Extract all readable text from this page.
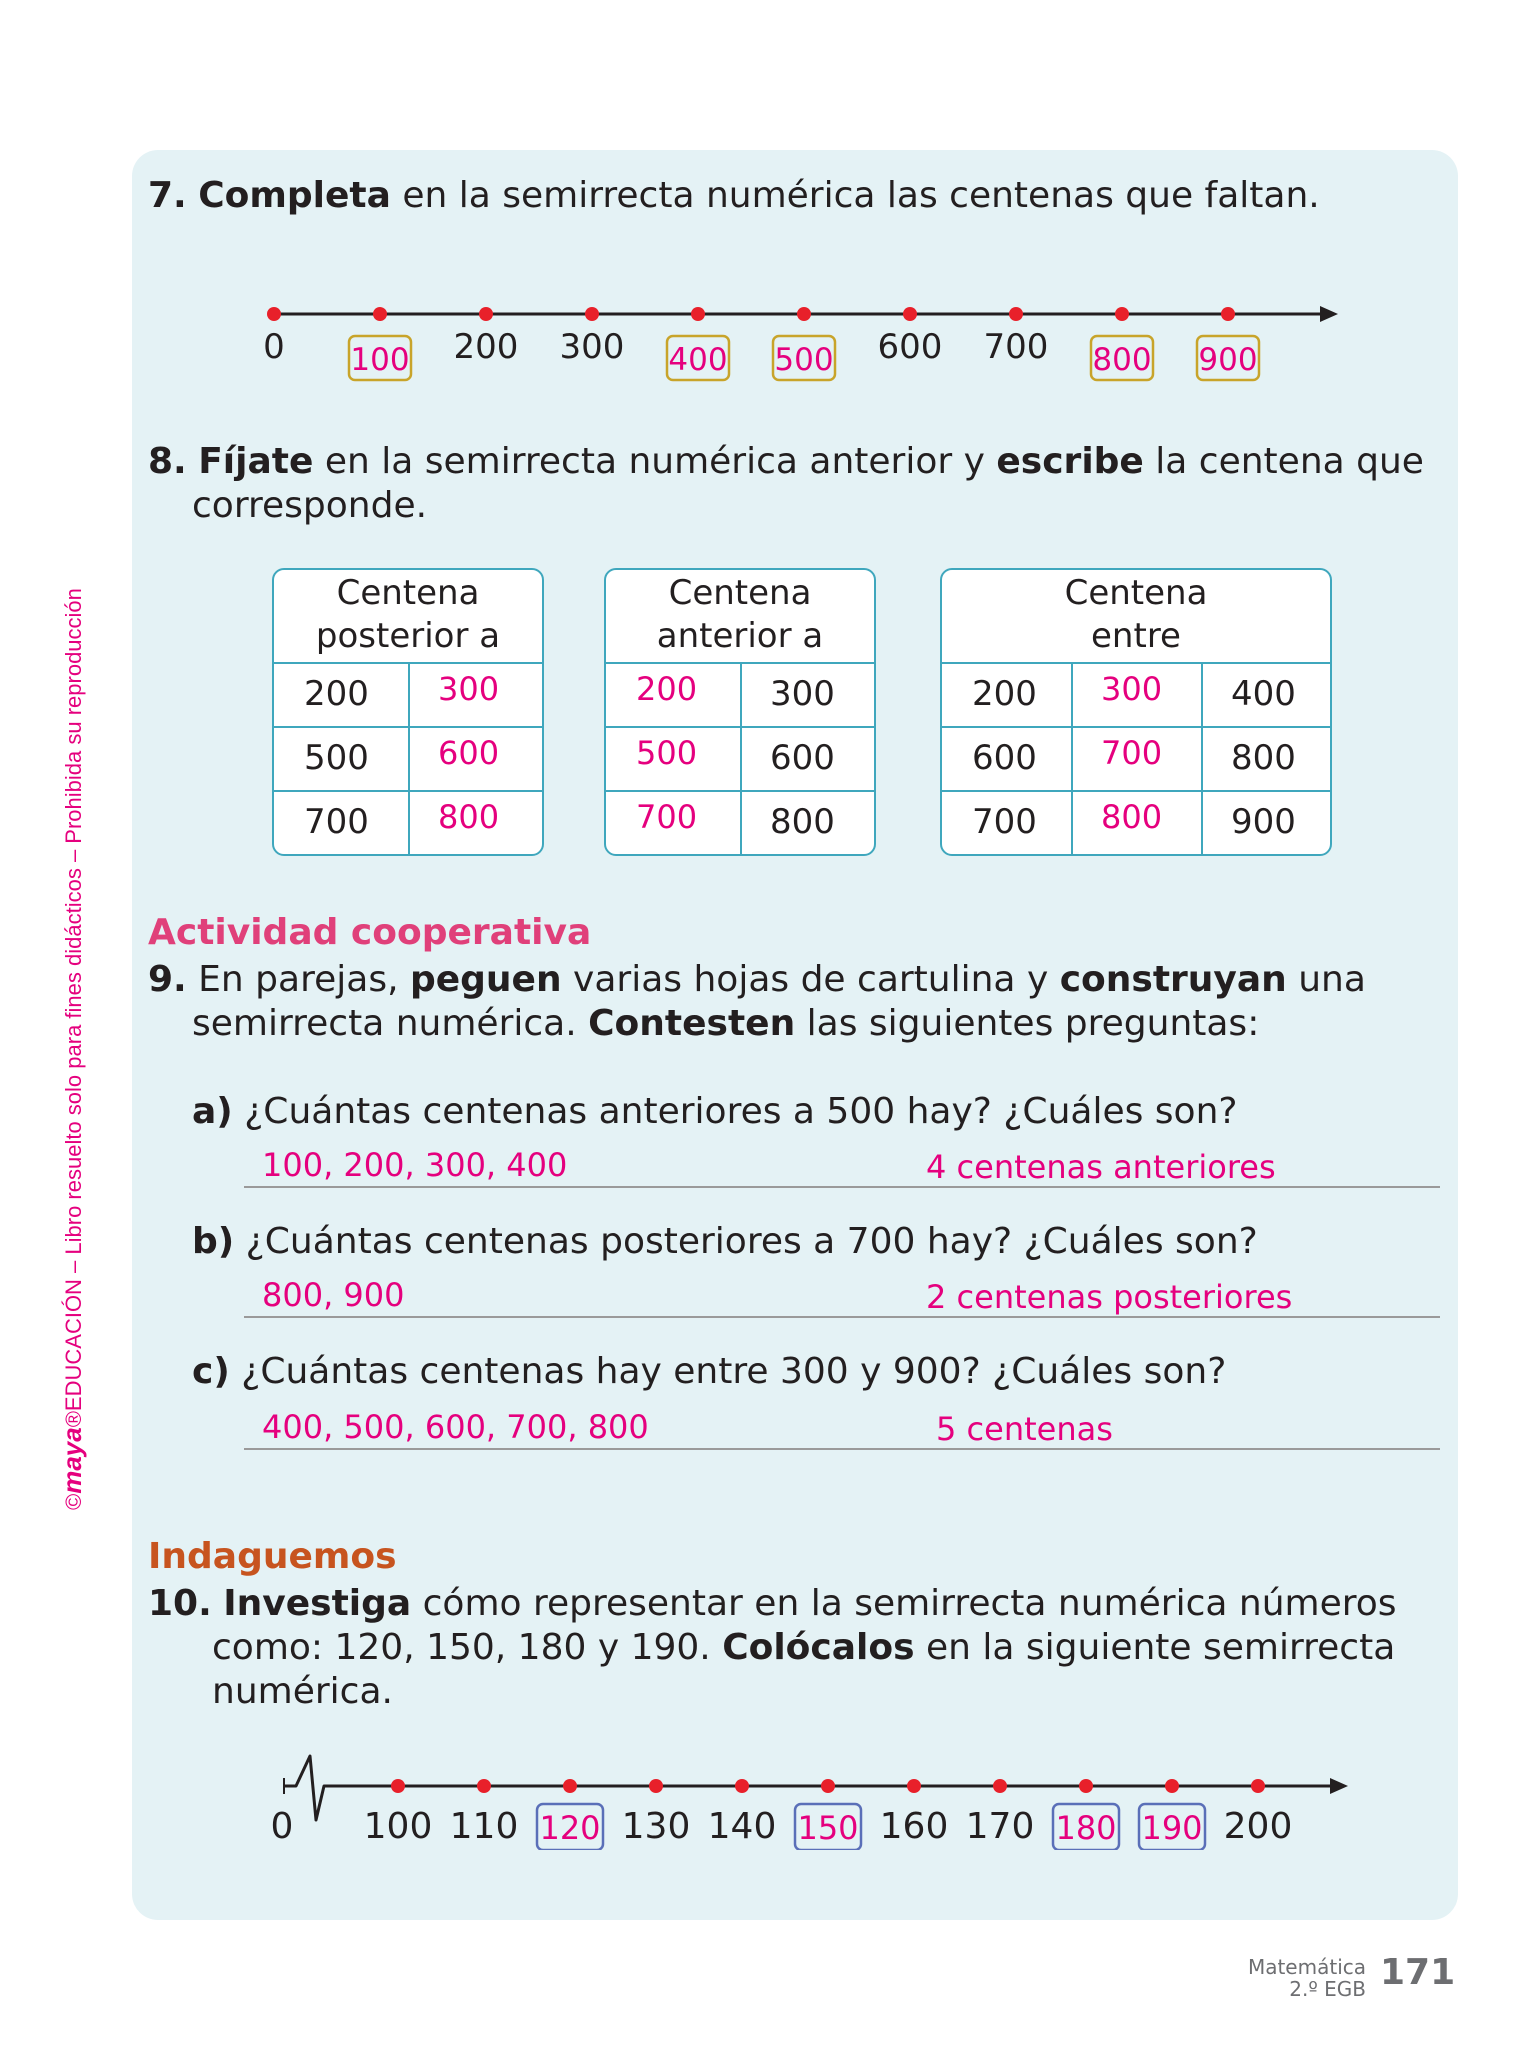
©maya®EDUCACIÓN – Libro resuelto solo para fines didácticos – Prohibida su reproducción
7. Completa en la semirrecta numérica las centenas que faltan.
0	200 300	600 700
100	400 500	800 900
8. Fíjate en la semirrecta numérica anterior y escribe la centena que
corresponde.
Centena
posterior a
200 300
500 600
700 800
Centena
anterior a
200 300
500 600
700 800
Centena
entre
200 300 400
600 700 800
700 800 900
Actividad cooperativa
9. En parejas, peguen varias hojas de cartulina y construyan una
semirrecta numérica. Contesten las siguientes preguntas:
a) ¿Cuántas centenas anteriores a 500 hay? ¿Cuáles son?
100, 200, 300, 400	4 centenas anteriores
b) ¿Cuántas centenas posteriores a 700 hay? ¿Cuáles son?
800, 900	2 centenas posteriores
c) ¿Cuántas centenas hay entre 300 y 900? ¿Cuáles son?
400, 500, 600, 700, 800	5 centenas
Indaguemos
10. Investiga cómo representar en la semirrecta numérica números
como: 120, 150, 180 y 190. Colócalos en la siguiente semirrecta
numérica.
0 100 110	130 140	160 170	200
120	150	180 190
Matemática
2.º EGB 171
